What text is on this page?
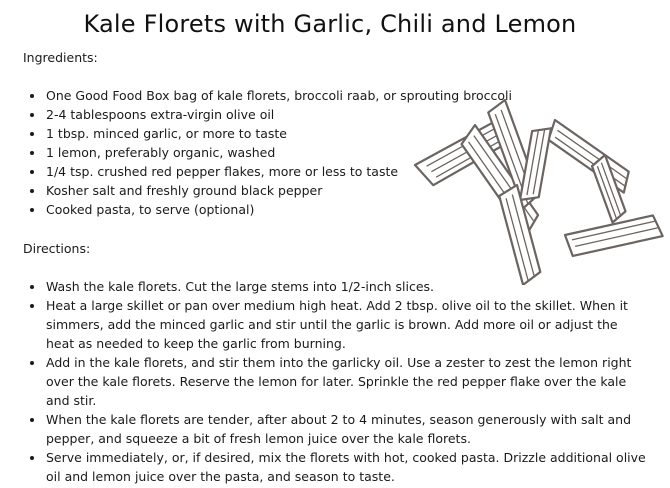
Kale Florets with Garlic, Chili and Lemon
Ingredients:
One Good Food Box bag of kale florets, broccoli raab, or sprouting broccoli
2-4 tablespoons extra-virgin olive oil
1 tbsp. minced garlic, or more to taste
1 lemon, preferably organic, washed
1/4 tsp. crushed red pepper flakes, more or less to taste
Kosher salt and freshly ground black pepper
Cooked pasta, to serve (optional)
Directions:
Wash the kale florets. Cut the large stems into 1/2-inch slices.
Heat a large skillet or pan over medium high heat. Add 2 tbsp. olive oil to the skillet. When it simmers, add the minced garlic and stir until the garlic is brown. Add more oil or adjust the heat as needed to keep the garlic from burning.
Add in the kale florets, and stir them into the garlicky oil. Use a zester to zest the lemon right over the kale florets. Reserve the lemon for later. Sprinkle the red pepper flake over the kale and stir.
When the kale florets are tender, after about 2 to 4 minutes, season generously with salt and pepper, and squeeze a bit of fresh lemon juice over the kale florets.
Serve immediately, or, if desired, mix the florets with hot, cooked pasta. Drizzle additional olive oil and lemon juice over the pasta, and season to taste.
